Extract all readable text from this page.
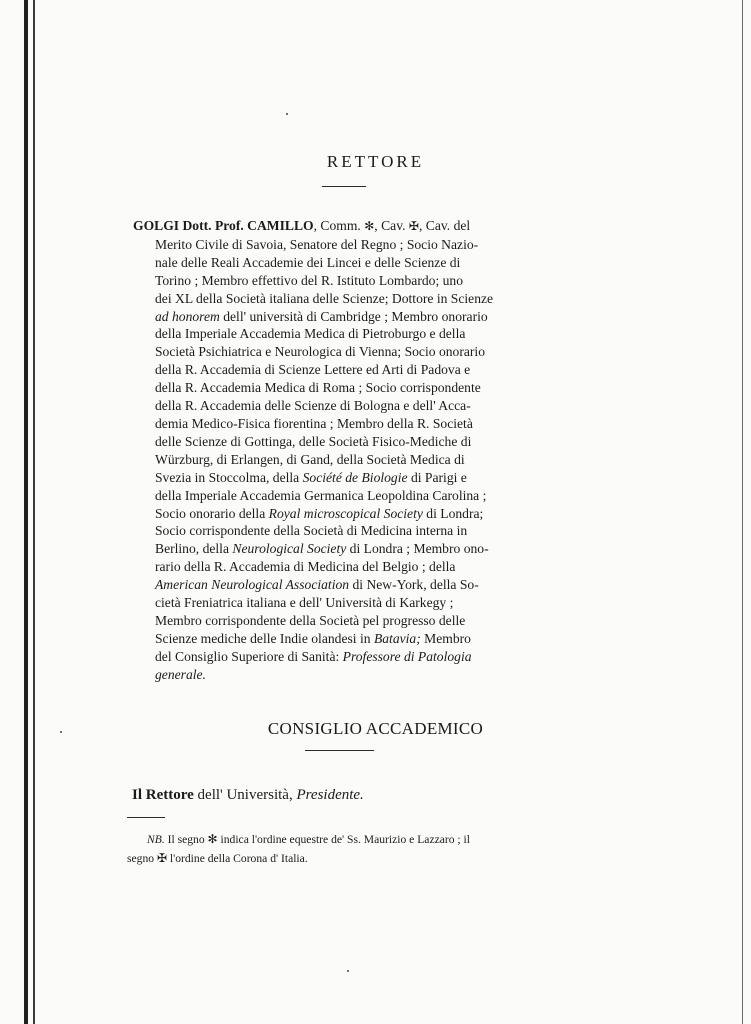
RETTORE
GOLGI Dott. Prof. CAMILLO, Comm. ✻, Cav. ✠, Cav. del
Merito Civile di Savoia, Senatore del Regno ; Socio Nazio-
nale delle Reali Accademie dei Lincei e delle Scienze di
Torino ; Membro effettivo del R. Istituto Lombardo; uno
dei XL della Società italiana delle Scienze; Dottore in Scienze
ad honorem dell' università di Cambridge ; Membro onorario
della Imperiale Accademia Medica di Pietroburgo e della
Società Psichiatrica e Neurologica di Vienna; Socio onorario
della R. Accademia di Scienze Lettere ed Arti di Padova e
della R. Accademia Medica di Roma ; Socio corrispondente
della R. Accademia delle Scienze di Bologna e dell' Acca-
demia Medico-Fisica fiorentina ; Membro della R. Società
delle Scienze di Gottinga, delle Società Fisico-Mediche di
Würzburg, di Erlangen, di Gand, della Società Medica di
Svezia in Stoccolma, della Société de Biologie di Parigi e
della Imperiale Accademia Germanica Leopoldina Carolina ;
Socio onorario della Royal microscopical Society di Londra;
Socio corrispondente della Società di Medicina interna in
Berlino, della Neurological Society di Londra ; Membro ono-
rario della R. Accademia di Medicina del Belgio ; della
American Neurological Association di New-York, della So-
cietà Freniatrica italiana e dell' Università di Karkegy ;
Membro corrispondente della Società pel progresso delle
Scienze mediche delle Indie olandesi in Batavia; Membro
del Consiglio Superiore di Sanità: Professore di Patologia
generale.
CONSIGLIO ACCADEMICO
Il Rettore dell' Università, Presidente.
NB. Il segno ✻ indica l'ordine equestre de' Ss. Maurizio e Lazzaro ; il
segno ✠ l'ordine della Corona d' Italia.
